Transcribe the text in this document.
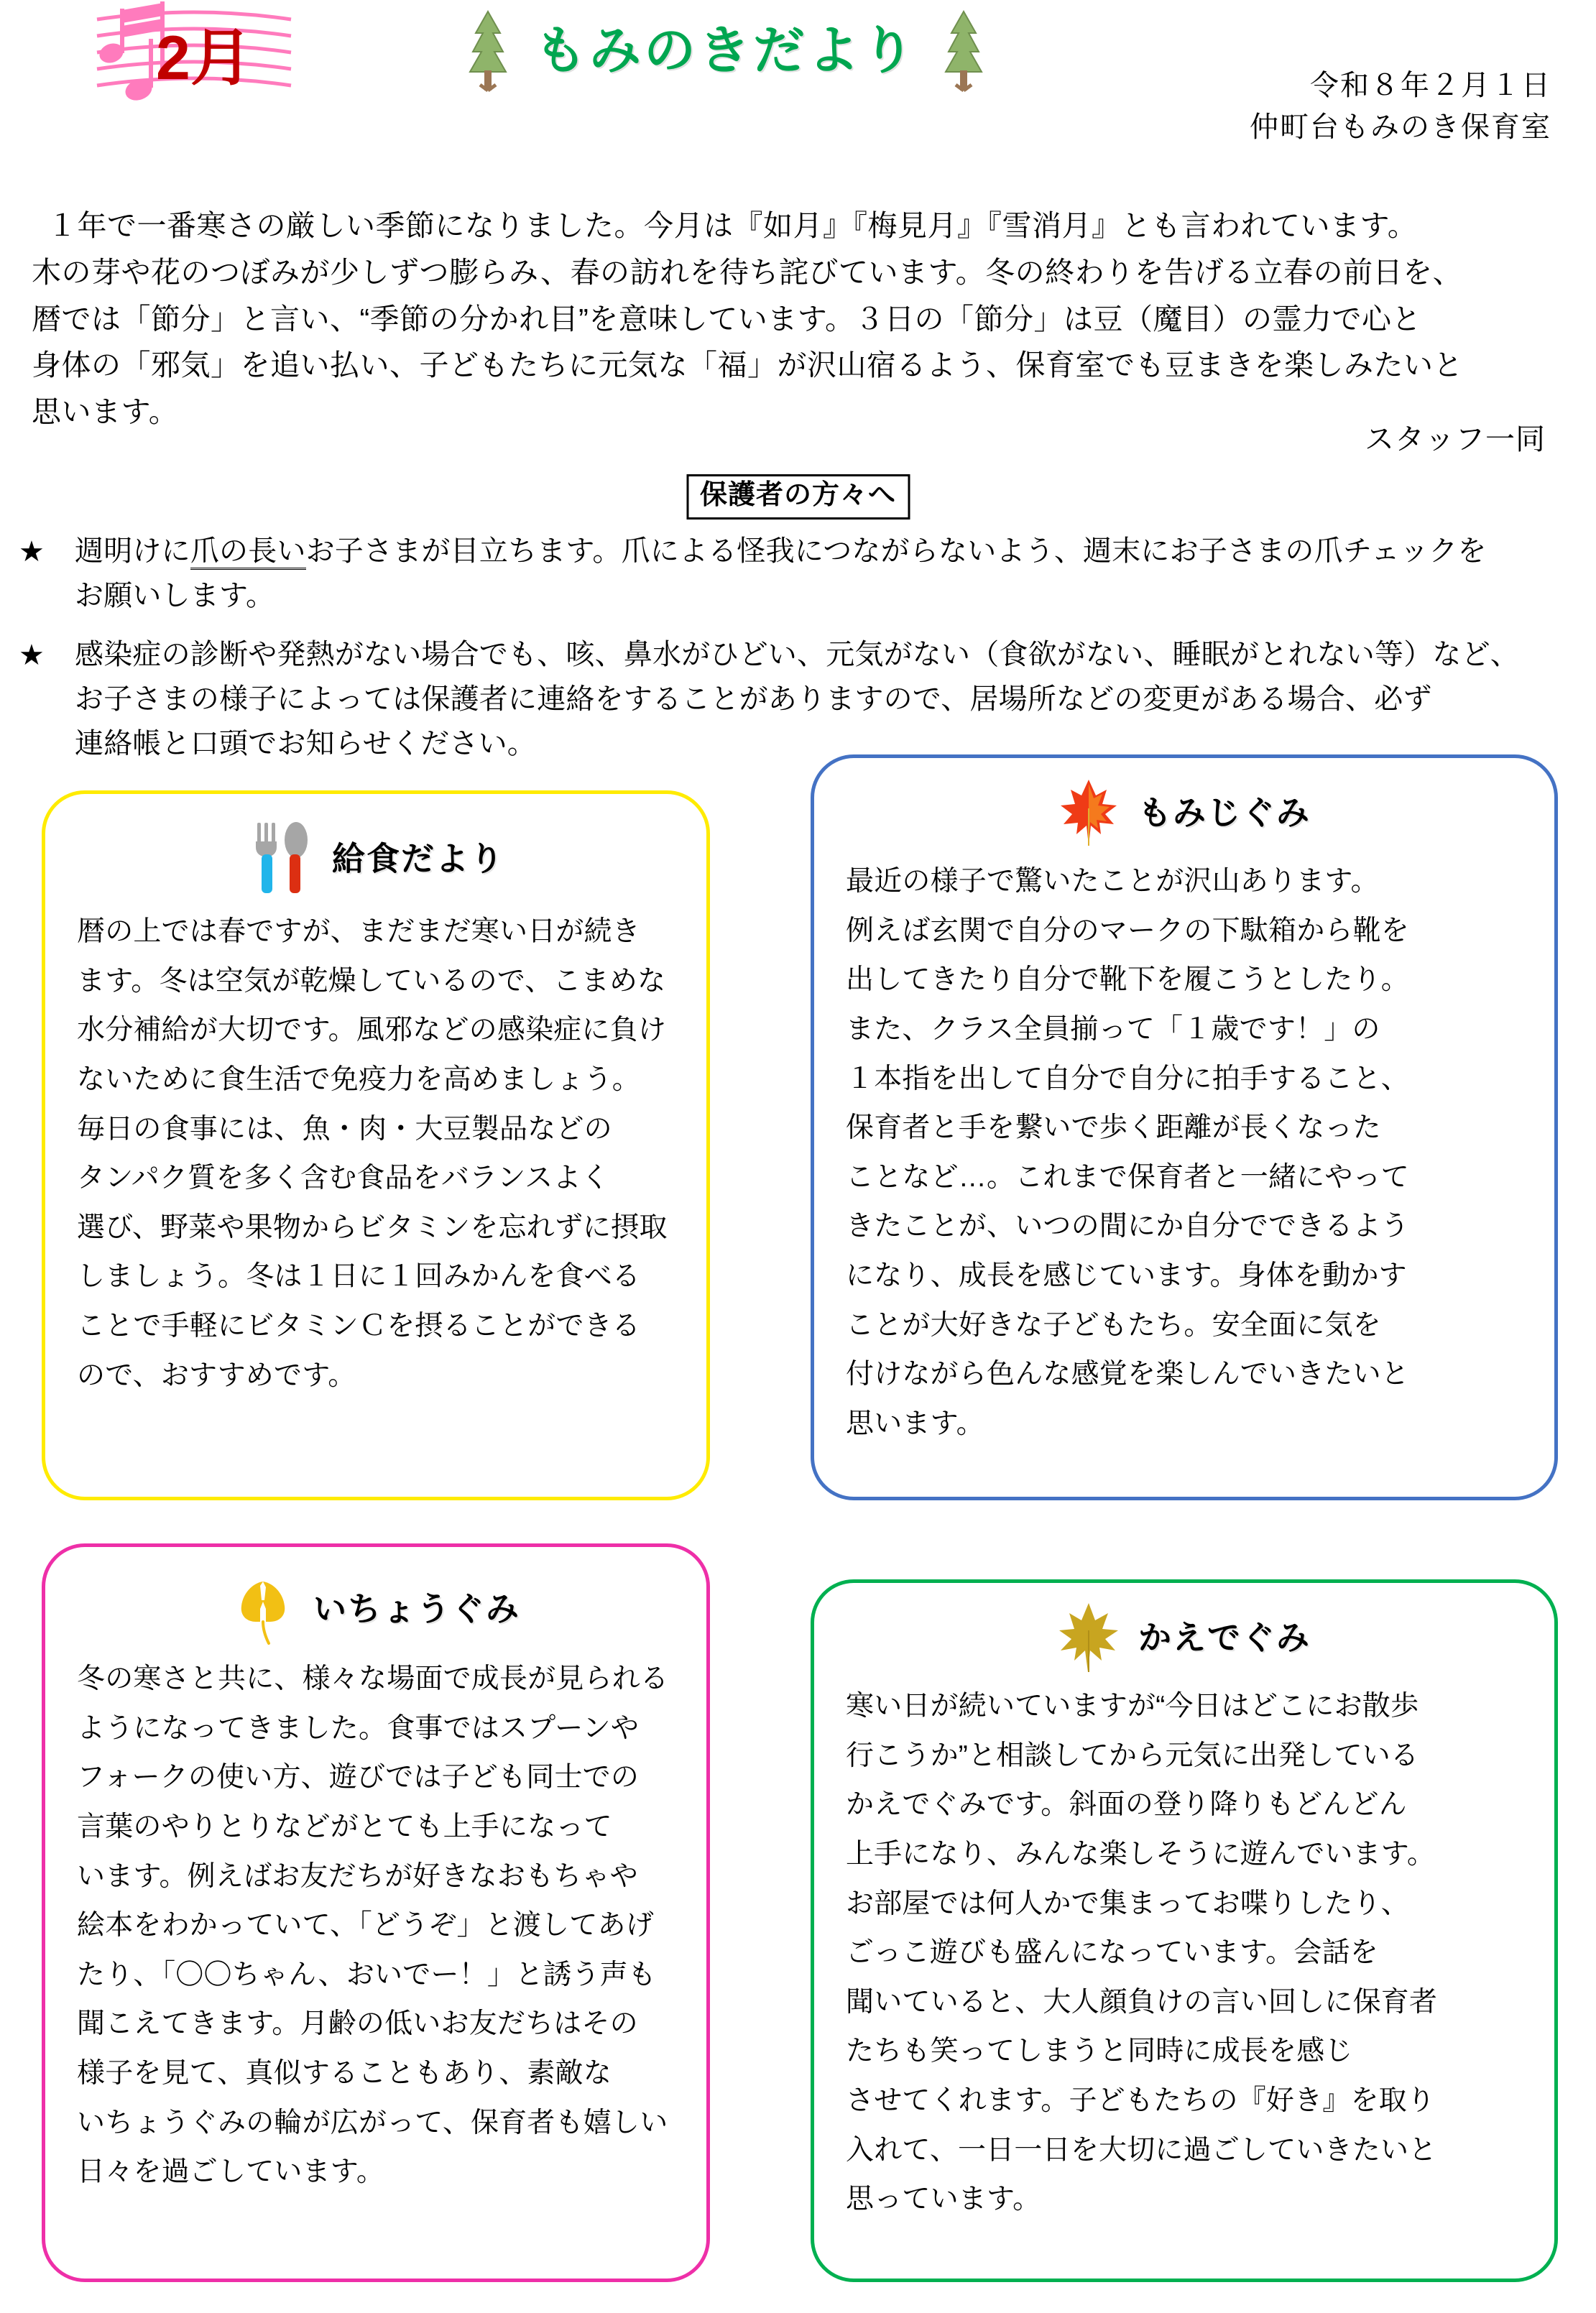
2月	もみのきだより
令和８年２月１日
仲町台もみのき保育室

１年で一番寒さの厳しい季節になりました。今月は『如月』『梅見月』『雪消月』とも言われています。

木の芽や花のつぼみが少しずつ膨らみ、春の訪れを待ち詫びています。冬の終わりを告げる立春の前日を、

暦では「節分」と言い、“季節の分かれ目”を意味しています。３日の「節分」は豆（魔目）の霊力で心と

身体の「邪気」を追い払い、子どもたちに元気な「福」が沢山宿るよう、保育室でも豆まきを楽しみたいと

思います。

スタッフ一同
保護者の方々へ
★ 週明けに爪の長いお子さまが目立ちます。爪による怪我につながらないよう、週末にお子さまの爪チェックを
お願いします。
★ 感染症の診断や発熱がない場合でも、咳、鼻水がひどい、元気がない（食欲がない、睡眠がとれない等）など、
お子さまの様子によっては保護者に連絡をすることがありますので、居場所などの変更がある場合、必ず
連絡帳と口頭でお知らせください。
給食だより
暦の上では春ですが、まだまだ寒い日が続き
ます。冬は空気が乾燥しているので、こまめな
水分補給が大切です。風邪などの感染症に負け
ないために食生活で免疫力を高めましょう。
毎日の食事には、魚・肉・大豆製品などの
タンパク質を多く含む食品をバランスよく
選び、野菜や果物からビタミンを忘れずに摂取
しましょう。冬は１日に１回みかんを食べる
ことで手軽にビタミンＣを摂ることができる
ので、おすすめです。
もみじぐみ
最近の様子で驚いたことが沢山あります。
例えば玄関で自分のマークの下駄箱から靴を
出してきたり自分で靴下を履こうとしたり。
また、クラス全員揃って「１歳です！」の
１本指を出して自分で自分に拍手すること、
保育者と手を繋いで歩く距離が長くなった
ことなど…。これまで保育者と一緒にやって
きたことが、いつの間にか自分でできるよう
になり、成長を感じています。身体を動かす
ことが大好きな子どもたち。安全面に気を
付けながら色んな感覚を楽しんでいきたいと
思います。
いちょうぐみ
冬の寒さと共に、様々な場面で成長が見られる
ようになってきました。食事ではスプーンや
フォークの使い方、遊びでは子ども同士での
言葉のやりとりなどがとても上手になって
います。例えばお友だちが好きなおもちゃや
絵本をわかっていて、「どうぞ」と渡してあげ
たり、「〇〇ちゃん、おいでー！」と誘う声も
聞こえてきます。月齢の低いお友だちはその
様子を見て、真似することもあり、素敵な
いちょうぐみの輪が広がって、保育者も嬉しい
日々を過ごしています。
かえでぐみ
寒い日が続いていますが“今日はどこにお散歩
行こうか”と相談してから元気に出発している
かえでぐみです。斜面の登り降りもどんどん
上手になり、みんな楽しそうに遊んでいます。
お部屋では何人かで集まってお喋りしたり、
ごっこ遊びも盛んになっています。会話を
聞いていると、大人顔負けの言い回しに保育者
たちも笑ってしまうと同時に成長を感じ
させてくれます。子どもたちの『好き』を取り
入れて、一日一日を大切に過ごしていきたいと
思っています。
